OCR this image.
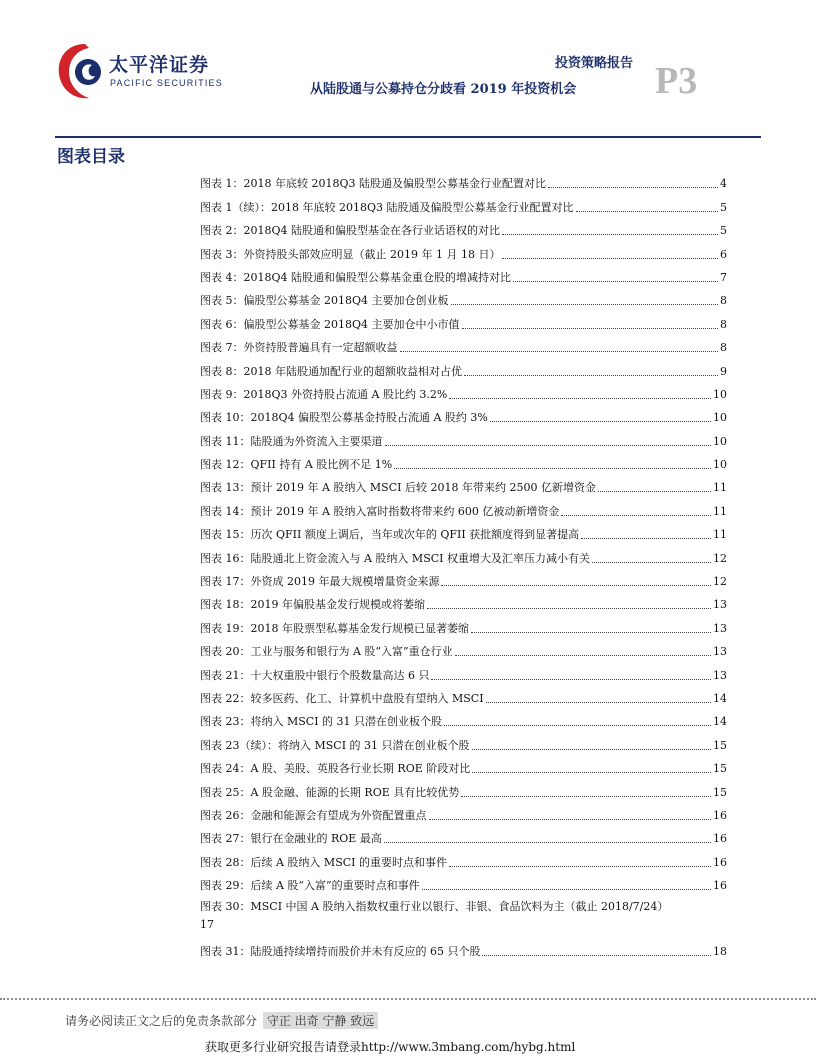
太平洋证券
PACIFIC SECURITIES
投资策略报告 P3
从陆股通与公募持仓分歧看 2019 年投资机会
图表目录
图表 1：2018 年底较 2018Q3 陆股通及偏股型公募基金行业配置对比	4
图表 1（续）：2018 年底较 2018Q3 陆股通及偏股型公募基金行业配置对比	5
图表 2：2018Q4 陆股通和偏股型基金在各行业话语权的对比	5
图表 3：外资持股头部效应明显（截止 2019 年 1 月 18 日）	6
图表 4：2018Q4 陆股通和偏股型公募基金重仓股的增减持对比	7
图表 5：偏股型公募基金 2018Q4 主要加仓创业板	8
图表 6：偏股型公募基金 2018Q4 主要加仓中小市值	8
图表 7：外资持股普遍具有一定超额收益	8
图表 8：2018 年陆股通加配行业的超额收益相对占优	9
图表 9：2018Q3 外资持股占流通 A 股比约 3.2%	10
图表 10：2018Q4 偏股型公募基金持股占流通 A 股约 3%	10
图表 11：陆股通为外资流入主要渠道	10
图表 12：QFII 持有 A 股比例不足 1%	10
图表 13：预计 2019 年 A 股纳入 MSCI 后较 2018 年带来约 2500 亿新增资金	11
图表 14：预计 2019 年 A 股纳入富时指数将带来约 600 亿被动新增资金	11
图表 15：历次 QFII 额度上调后，当年或次年的 QFII 获批额度得到显著提高	11
图表 16：陆股通北上资金流入与 A 股纳入 MSCI 权重增大及汇率压力减小有关	12
图表 17：外资成 2019 年最大规模增量资金来源	12
图表 18：2019 年偏股基金发行规模或将萎缩	13
图表 19：2018 年股票型私募基金发行规模已显著萎缩	13
图表 20：工业与服务和银行为 A 股“入富”重仓行业	13
图表 21：十大权重股中银行个股数量高达 6 只	13
图表 22：较多医药、化工、计算机中盘股有望纳入 MSCI	14
图表 23：将纳入 MSCI 的 31 只潜在创业板个股	14
图表 23（续）：将纳入 MSCI 的 31 只潜在创业板个股	15
图表 24：A 股、美股、英股各行业长期 ROE 阶段对比	15
图表 25：A 股金融、能源的长期 ROE 具有比较优势	15
图表 26：金融和能源会有望成为外资配置重点	16
图表 27：银行在金融业的 ROE 最高	16
图表 28：后续 A 股纳入 MSCI 的重要时点和事件	16
图表 29：后续 A 股“入富”的重要时点和事件	16
图表 30：MSCI 中国 A 股纳入指数权重行业以银行、非银、食品饮料为主（截止 2018/7/24）
17
图表 31：陆股通持续增持而股价并未有反应的 65 只个股	18
请务必阅读正文之后的免责条款部分 守正 出奇 宁静 致远
获取更多行业研究报告请登录http://www.3mbang.com/hybg.html
